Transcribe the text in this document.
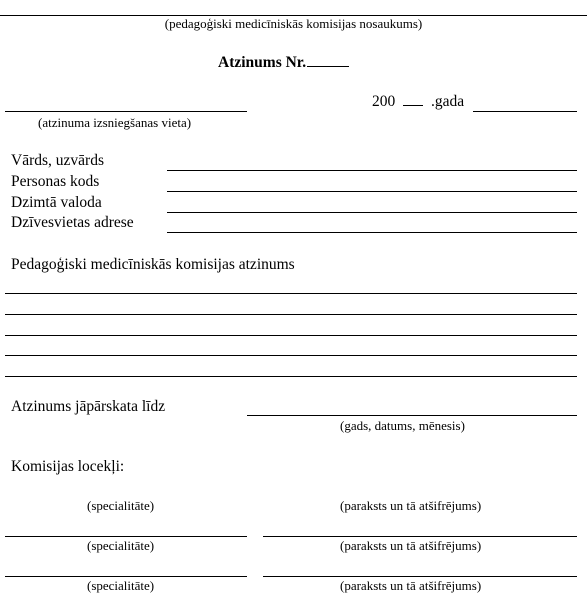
(pedagoģiski medicīniskās komisijas nosaukums)
Atzinums Nr.
(atzinuma izsniegšanas vieta)
200 .gada
Vārds, uzvārds
Personas kods
Dzimtā valoda
Dzīvesvietas adrese
Pedagoģiski medicīniskās komisijas atzinums
Atzinums jāpārskata līdz
(gads, datums, mēnesis)
Komisijas locekļi:
(specialitāte)	(paraksts un tā atšifrējums)
(specialitāte)	(paraksts un tā atšifrējums)
(specialitāte)	(paraksts un tā atšifrējums)
